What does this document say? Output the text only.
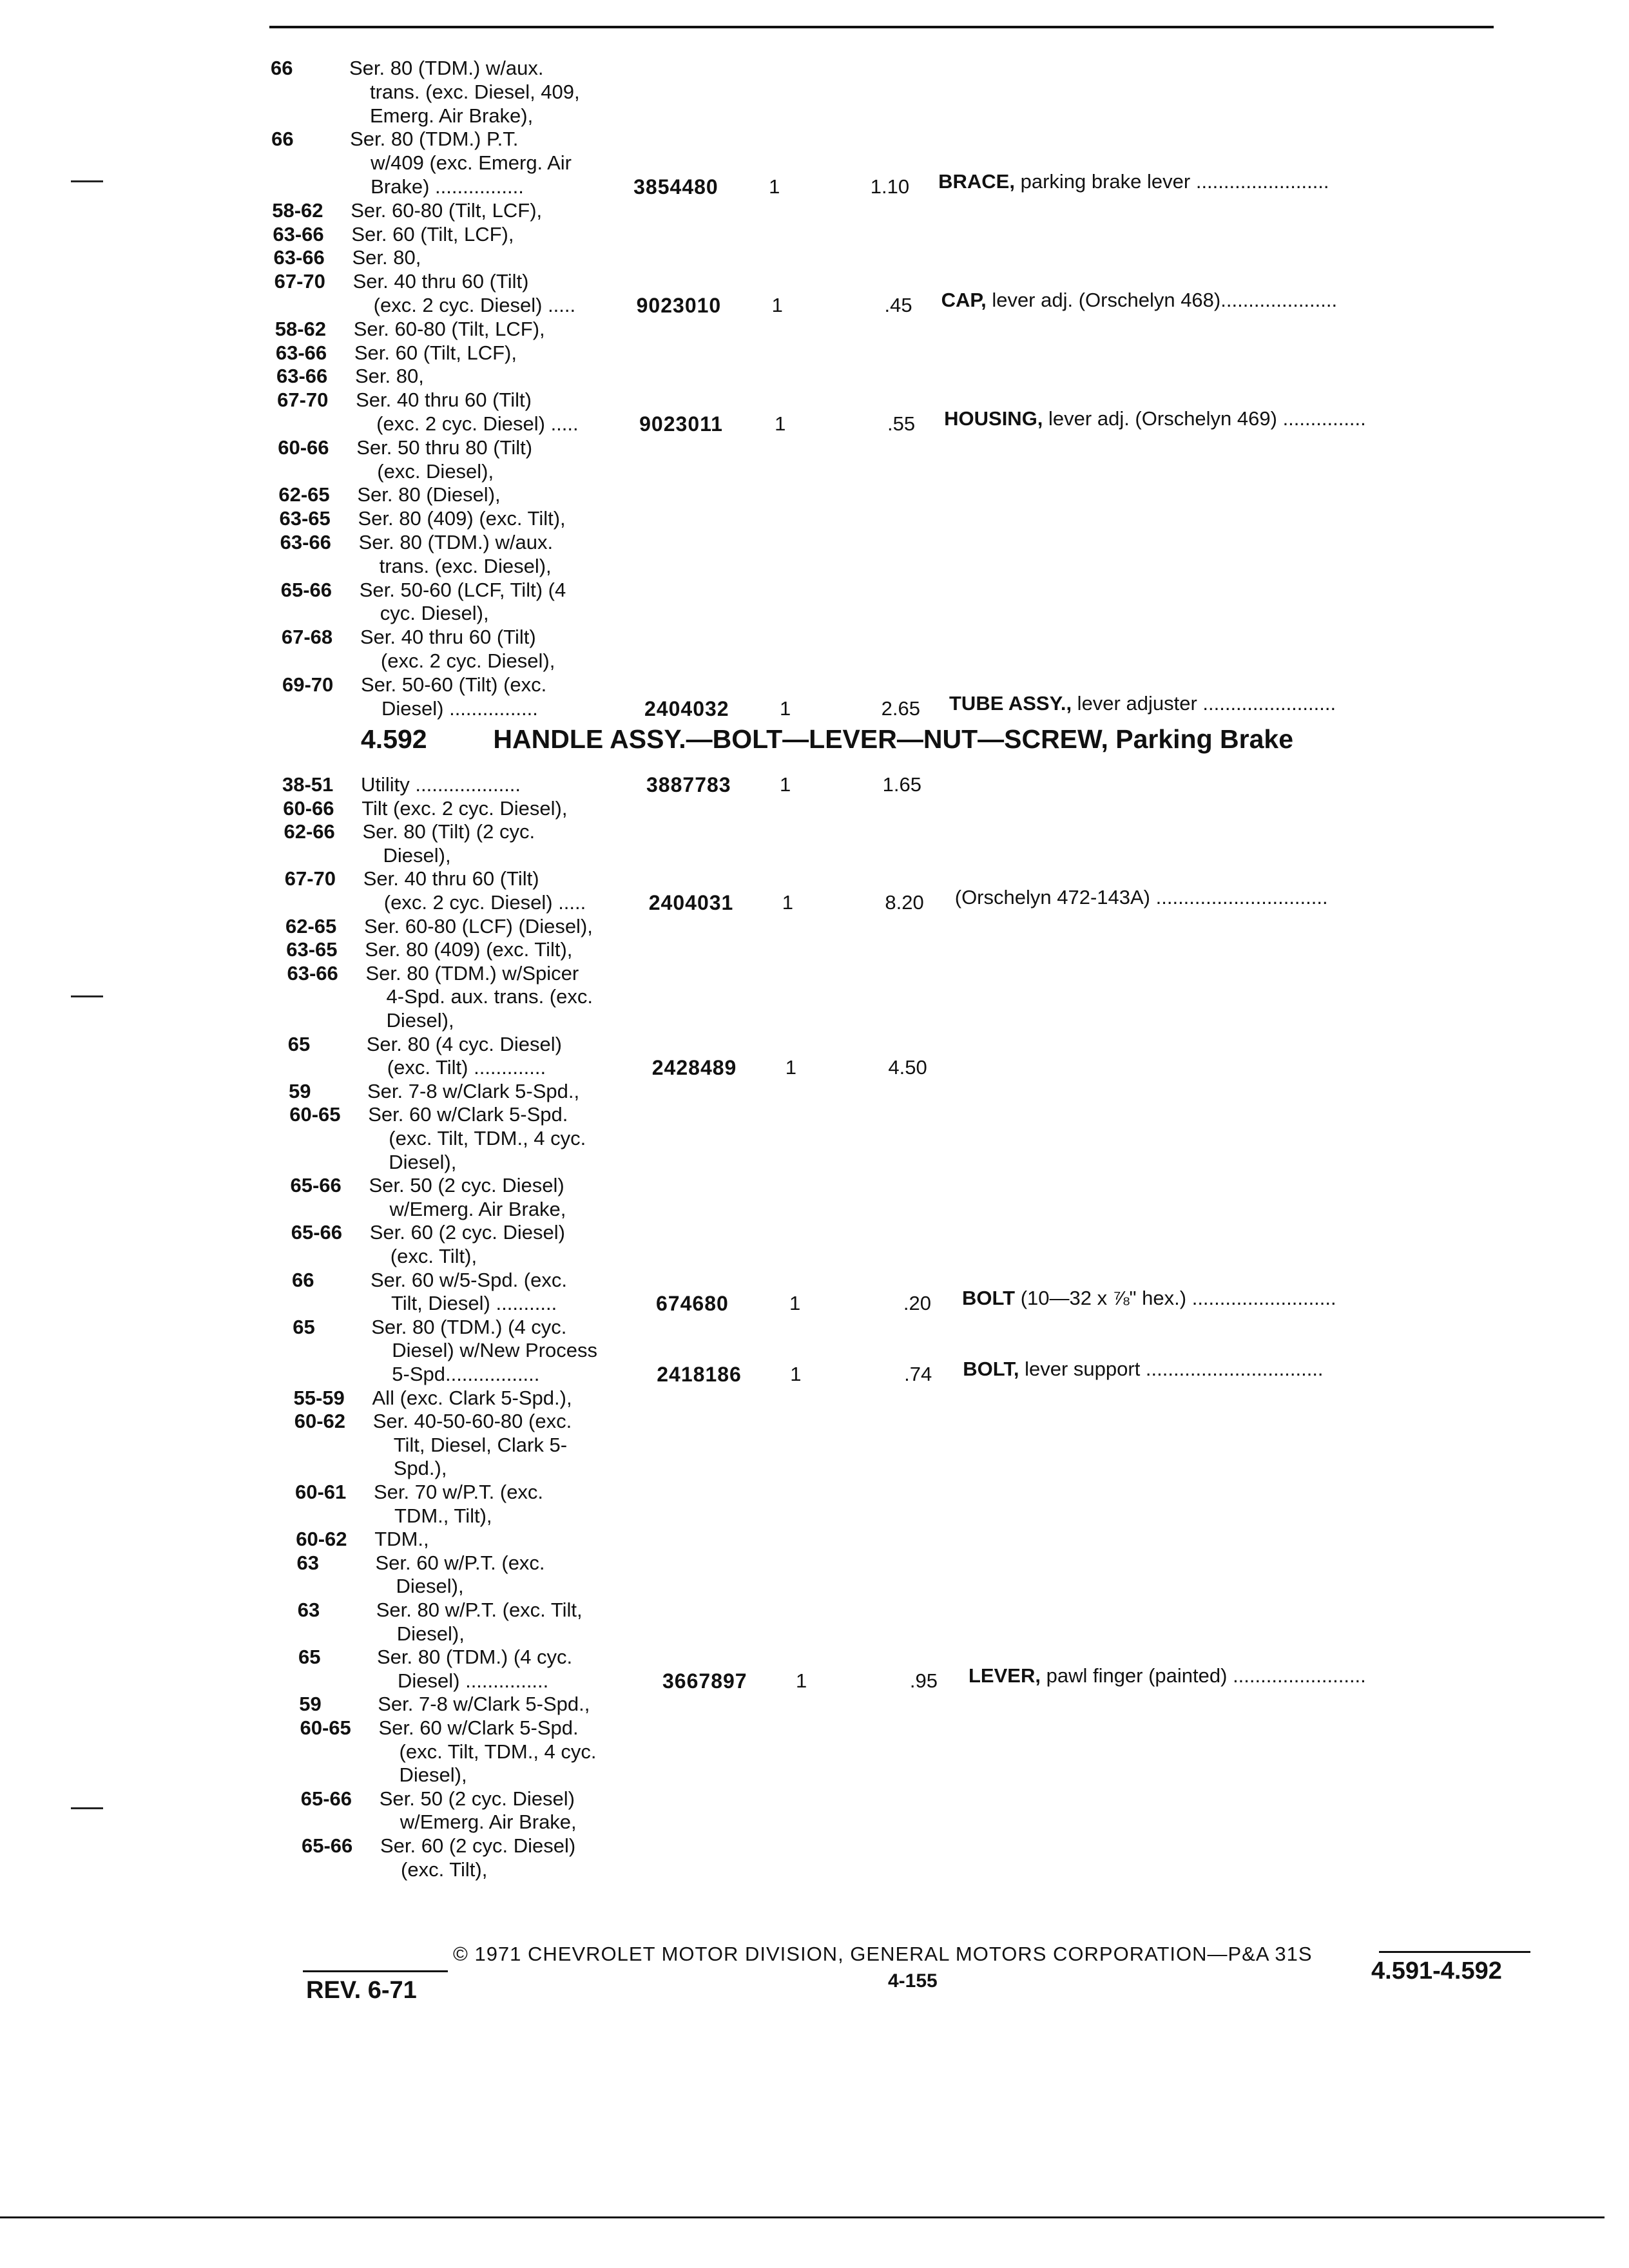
66	Ser. 80 (TDM.) w/aux.
trans. (exc. Diesel, 409,
Emerg. Air Brake),
66	Ser. 80 (TDM.) P.T.
w/409 (exc. Emerg. Air
Brake) ................	3854480	1	1.10 BRACE, parking brake lever ........................
58-62 Ser. 60-80 (Tilt, LCF),
63-66 Ser. 60 (Tilt, LCF),
63-66 Ser. 80,
67-70 Ser. 40 thru 60 (Tilt)
(exc. 2 cyc. Diesel) .....	9023010	1	.45 CAP, lever adj. (Orschelyn 468).....................
58-62 Ser. 60-80 (Tilt, LCF),
63-66 Ser. 60 (Tilt, LCF),
63-66 Ser. 80,
67-70 Ser. 40 thru 60 (Tilt)
(exc. 2 cyc. Diesel) .....	9023011	1	.55 HOUSING, lever adj. (Orschelyn 469) ...............
60-66 Ser. 50 thru 80 (Tilt)
(exc. Diesel),
62-65 Ser. 80 (Diesel),
63-65 Ser. 80 (409) (exc. Tilt),
63-66 Ser. 80 (TDM.) w/aux.
trans. (exc. Diesel),
65-66 Ser. 50-60 (LCF, Tilt) (4
cyc. Diesel),
67-68 Ser. 40 thru 60 (Tilt)
(exc. 2 cyc. Diesel),
69-70 Ser. 50-60 (Tilt) (exc.
Diesel) ................	2404032	1	2.65 TUBE ASSY., lever adjuster ........................
4.592	HANDLE ASSY.—BOLT—LEVER—NUT—SCREW, Parking Brake
38-51 Utility ...................	3887783 1	1.65
60-66 Tilt (exc. 2 cyc. Diesel),
62-66 Ser. 80 (Tilt) (2 cyc.
Diesel),
67-70 Ser. 40 thru 60 (Tilt)
(exc. 2 cyc. Diesel) .....	2404031 1	8.20 (Orschelyn 472-143A) ...............................
62-65 Ser. 60-80 (LCF) (Diesel),
63-65 Ser. 80 (409) (exc. Tilt),
63-66 Ser. 80 (TDM.) w/Spicer
4-Spd. aux. trans. (exc.
Diesel),
65	Ser. 80 (4 cyc. Diesel)
(exc. Tilt) .............	2428489 1	4.50
59	Ser. 7-8 w/Clark 5-Spd.,
60-65 Ser. 60 w/Clark 5-Spd.
(exc. Tilt, TDM., 4 cyc.
Diesel),
65-66 Ser. 50 (2 cyc. Diesel)
w/Emerg. Air Brake,
65-66 Ser. 60 (2 cyc. Diesel)
(exc. Tilt),
66	Ser. 60 w/5-Spd. (exc.
Tilt, Diesel) ...........	674680	1	.20 BOLT (10—32 x ⅞" hex.) ..........................
65	Ser. 80 (TDM.) (4 cyc.
Diesel) w/New Process
5-Spd.................	2418186 1	.74 BOLT, lever support ................................
55-59 All (exc. Clark 5-Spd.),
60-62 Ser. 40-50-60-80 (exc.
Tilt, Diesel, Clark 5-
Spd.),
60-61 Ser. 70 w/P.T. (exc.
TDM., Tilt),
60-62 TDM.,
63	Ser. 60 w/P.T. (exc.
Diesel),
63	Ser. 80 w/P.T. (exc. Tilt,
Diesel),
65	Ser. 80 (TDM.) (4 cyc.
Diesel) ...............	3667897 1	.95 LEVER, pawl finger (painted) ........................
59	Ser. 7-8 w/Clark 5-Spd.,
60-65 Ser. 60 w/Clark 5-Spd.
(exc. Tilt, TDM., 4 cyc.
Diesel),
65-66 Ser. 50 (2 cyc. Diesel)
w/Emerg. Air Brake,
65-66 Ser. 60 (2 cyc. Diesel)
(exc. Tilt),
© 1971 CHEVROLET MOTOR DIVISION, GENERAL MOTORS CORPORATION—P&A 31S
REV. 6-71	4-155	4.591-4.592
